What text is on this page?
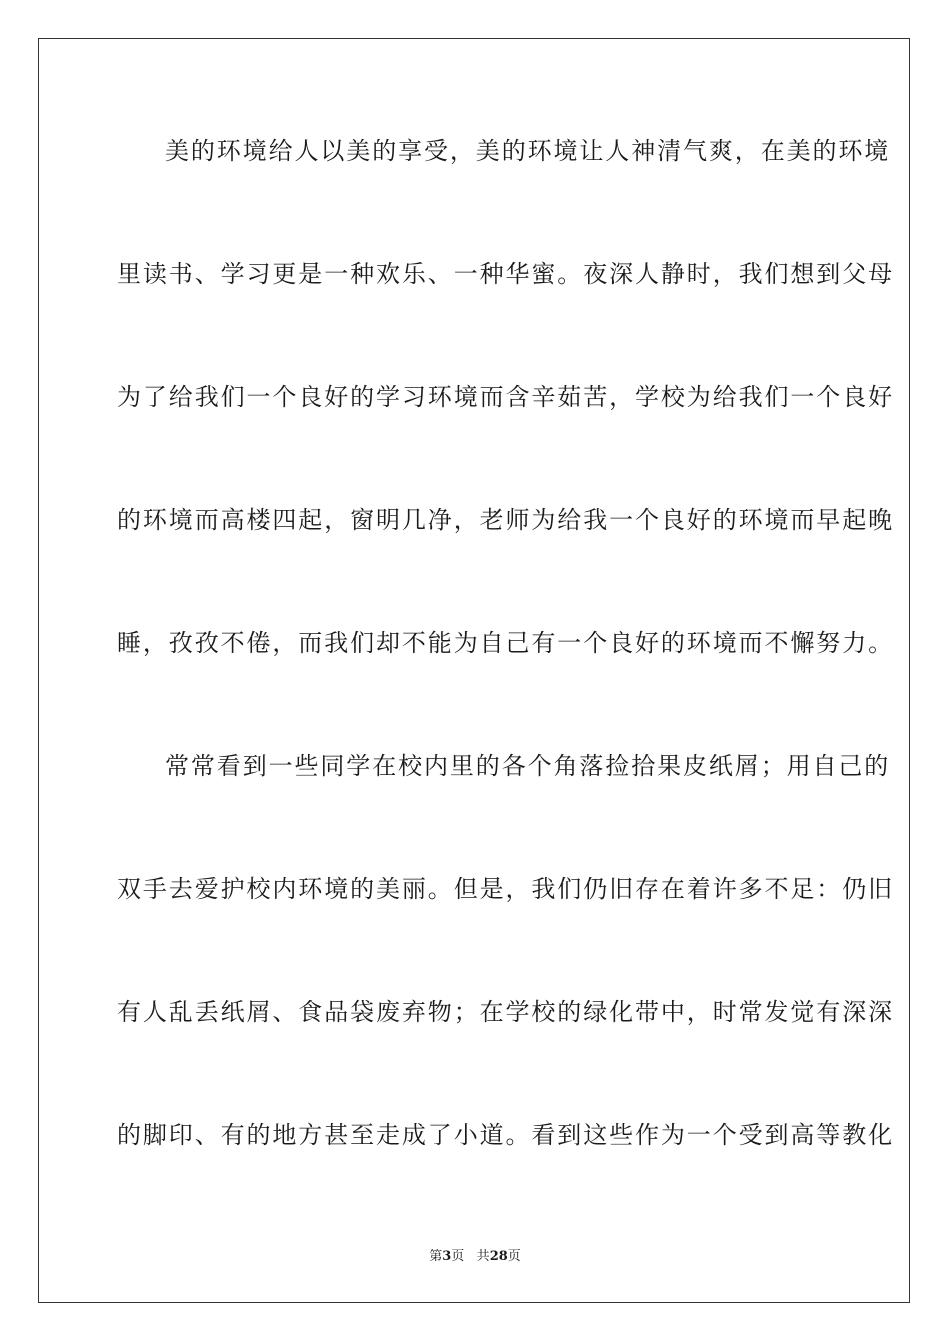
美的环境给人以美的享受，美的环境让人神清气爽，在美的环境
里读书、学习更是一种欢乐、一种华蜜。夜深人静时，我们想到父母
为了给我们一个良好的学习环境而含辛茹苦，学校为给我们一个良好
的环境而高楼四起，窗明几净，老师为给我一个良好的环境而早起晚
睡，孜孜不倦，而我们却不能为自己有一个良好的环境而不懈努力。
常常看到一些同学在校内里的各个角落捡拾果皮纸屑；用自己的
双手去爱护校内环境的美丽。但是，我们仍旧存在着许多不足：仍旧
有人乱丢纸屑、食品袋废弃物；在学校的绿化带中，时常发觉有深深
的脚印、有的地方甚至走成了小道。看到这些作为一个受到高等教化
第3页 共28页
